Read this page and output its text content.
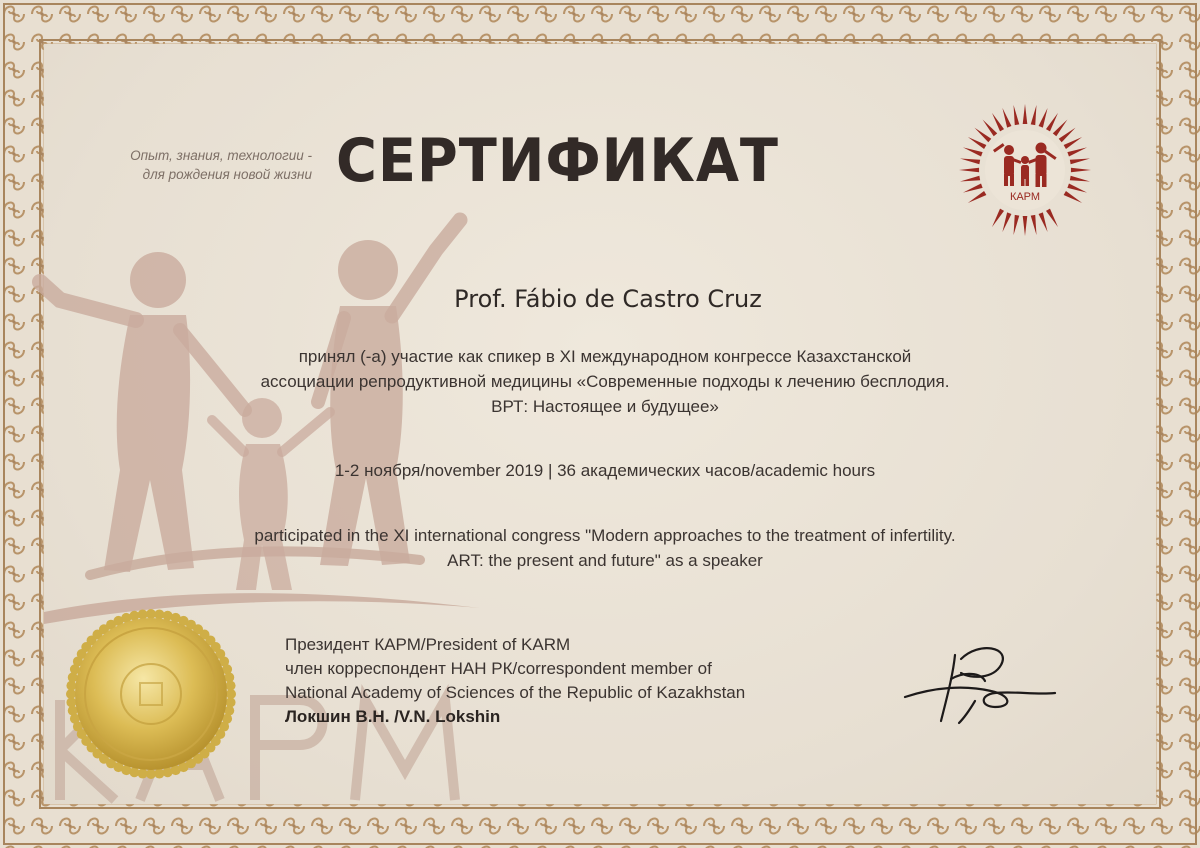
Опыт, знания, технологии -
для рождения новой жизни СЕРТИФИКАТ
КАРМ
Prof. Fábio de Castro Cruz
принял (-а) участие как спикер в XI международном конгрессе Казахстанской
ассоциации репродуктивной медицины «Современные подходы к лечению бесплодия.
ВРТ: Настоящее и будущее»
1-2 ноября/november 2019 | 36 академических часов/academic hours
participated in the XI international congress "Modern approaches to the treatment of infertility.
ART: the present and future" as a speaker
Президент КАРМ/President of KARM
член корреспондент НАН РК/correspondent member of
National Academy of Sciences of the Republic of Kazakhstan
Локшин В.Н. /V.N. Lokshin
